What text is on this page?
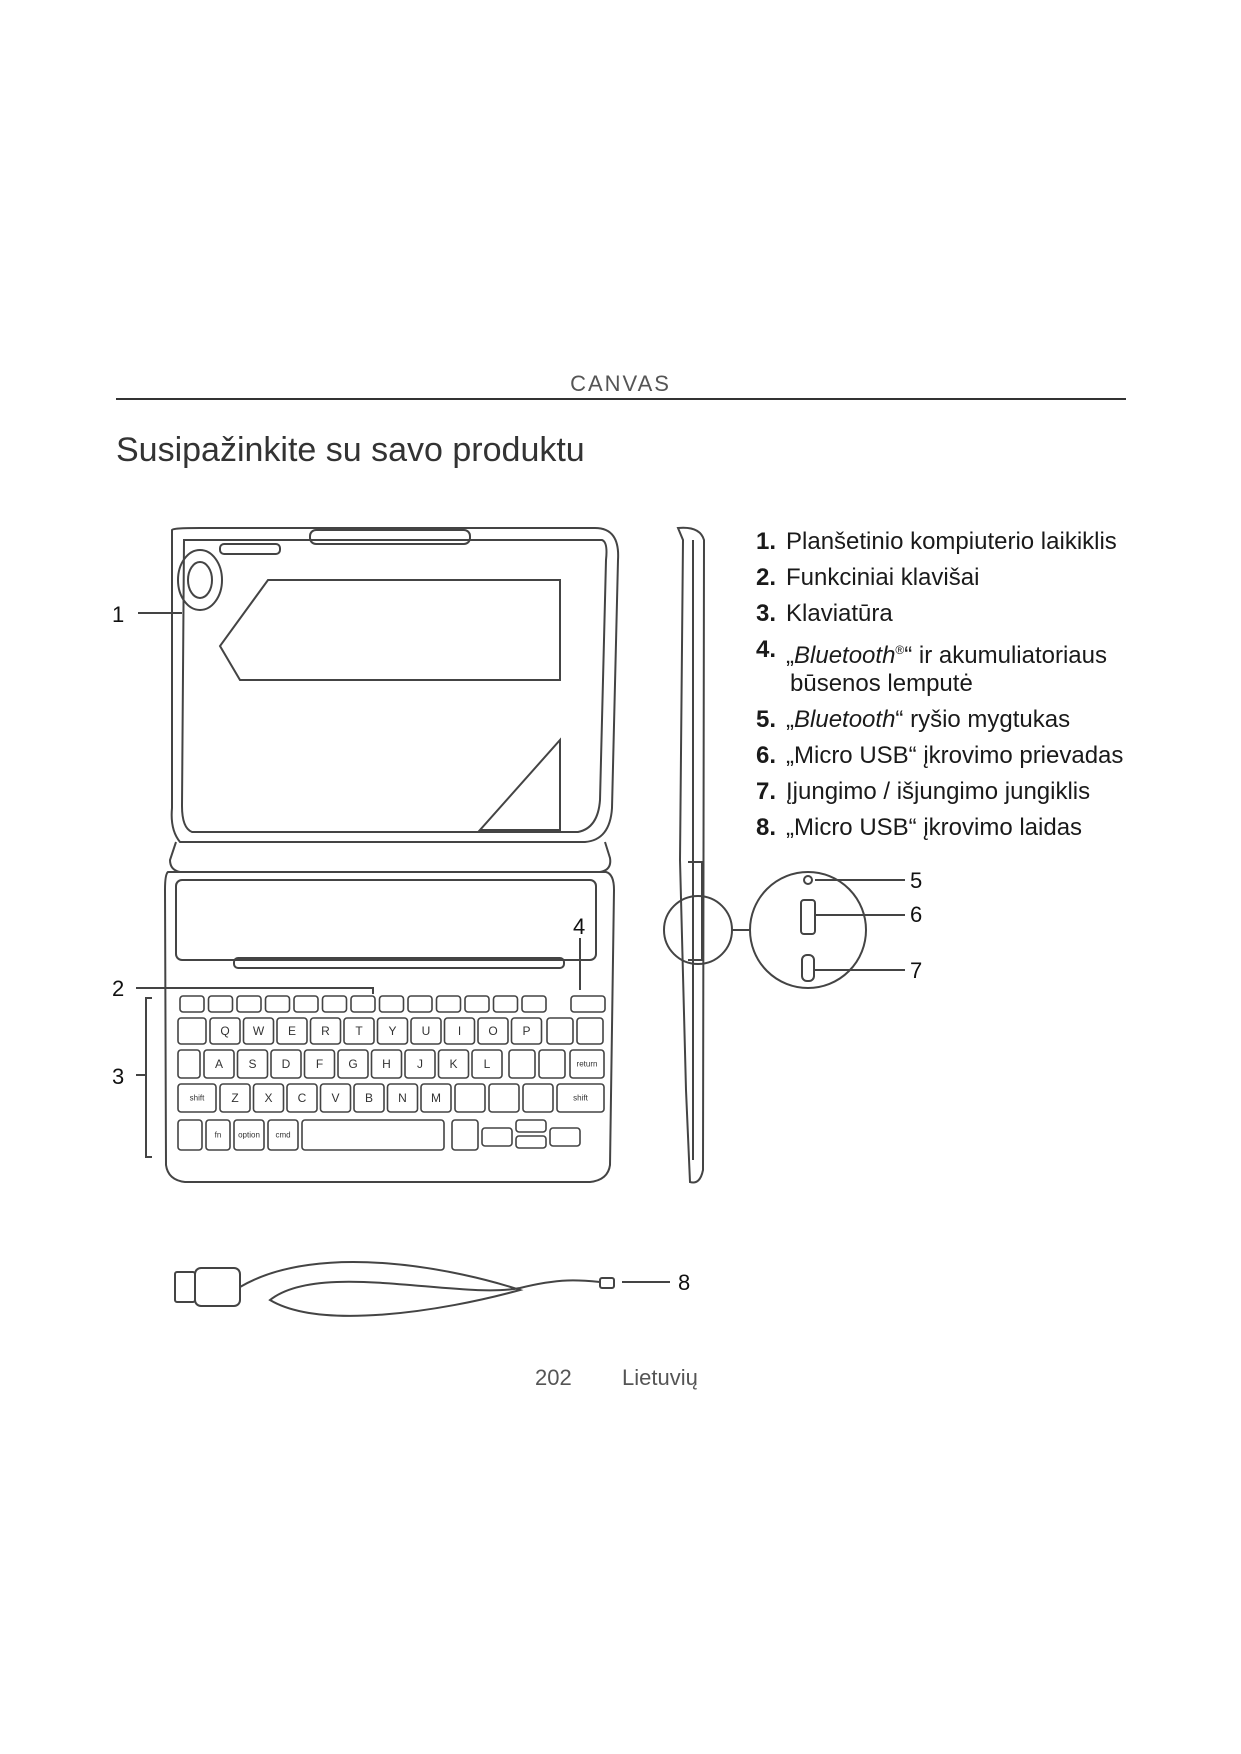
CANVAS
Susipažinkite su savo produktu
Q W E R T Y U I O P
A S D F G H J K L	return
shift Z X C V B N M	shift
fn option cmd
1
2
3
4
5
6
7
8
1. Planšetinio kompiuterio laikiklis
2. Funkciniai klavišai
3. Klaviatūra
4. „Bluetooth®“ ir akumuliatoriaus
būsenos lemputė
5. „Bluetooth“ ryšio mygtukas
6. „Micro USB“ įkrovimo prievadas
7. Įjungimo / išjungimo jungiklis
8. „Micro USB“ įkrovimo laidas
202 Lietuvių
